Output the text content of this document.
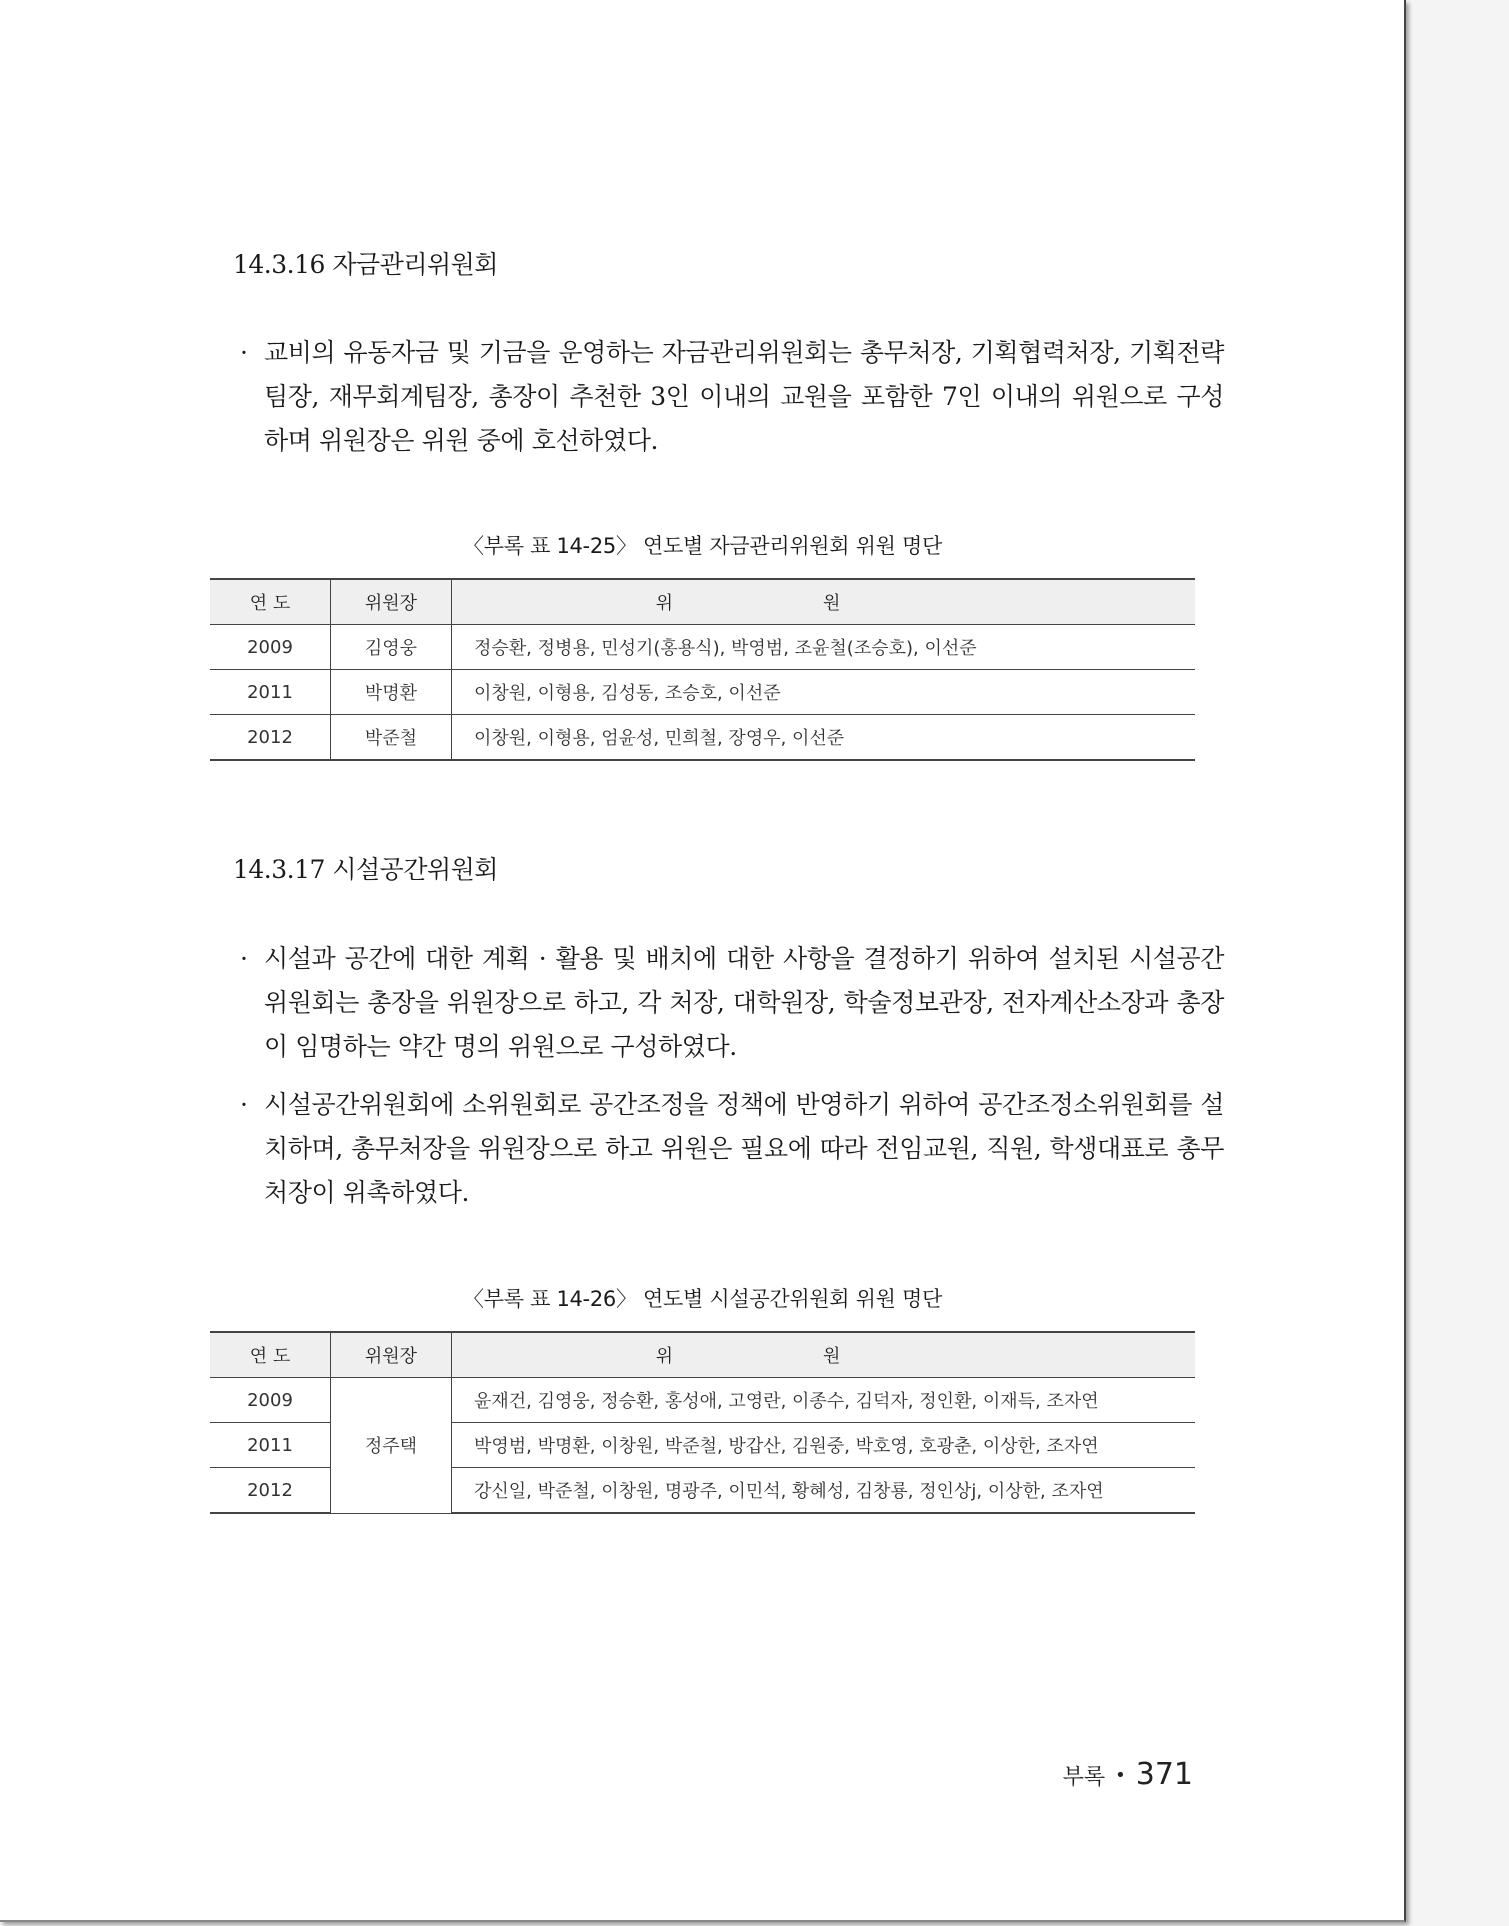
14.3.16 자금관리위원회

· 교비의 유동자금 및 기금을 운영하는 자금관리위원회는 총무처장, 기획협력처장, 기획전략팀장, 재무회계팀장, 총장이 추천한 3인 이내의 교원을 포함한 7인 이내의 위원으로 구성하며 위원장은 위원 중에 호선하였다.

〈부록 표 14-25〉 연도별 자금관리위원회 위원 명단

연 도	위원장	위원
2009	김영웅	정승환, 정병용, 민성기(홍용식), 박영범, 조윤철(조승호), 이선준
2011	박명환	이창원, 이형용, 김성동, 조승호, 이선준
2012	박준철	이창원, 이형용, 엄윤성, 민희철, 장영우, 이선준
14.3.17 시설공간위원회

· 시설과 공간에 대한 계획 · 활용 및 배치에 대한 사항을 결정하기 위하여 설치된 시설공간위원회는 총장을 위원장으로 하고, 각 처장, 대학원장, 학술정보관장, 전자계산소장과 총장이 임명하는 약간 명의 위원으로 구성하였다.

· 시설공간위원회에 소위원회로 공간조정을 정책에 반영하기 위하여 공간조정소위원회를 설치하며, 총무처장을 위원장으로 하고 위원은 필요에 따라 전임교원, 직원, 학생대표로 총무처장이 위촉하였다.

〈부록 표 14-26〉 연도별 시설공간위원회 위원 명단

연 도	위원장	위원
2009	정주택	윤재건, 김영웅, 정승환, 홍성애, 고영란, 이종수, 김덕자, 정인환, 이재득, 조자연
2011		박영범, 박명환, 이창원, 박준철, 방갑산, 김원중, 박호영, 호광춘, 이상한, 조자연
2012		강신일, 박준철, 이창원, 명광주, 이민석, 황혜성, 김창룡, 정인상j, 이상한, 조자연
부록 • 371
